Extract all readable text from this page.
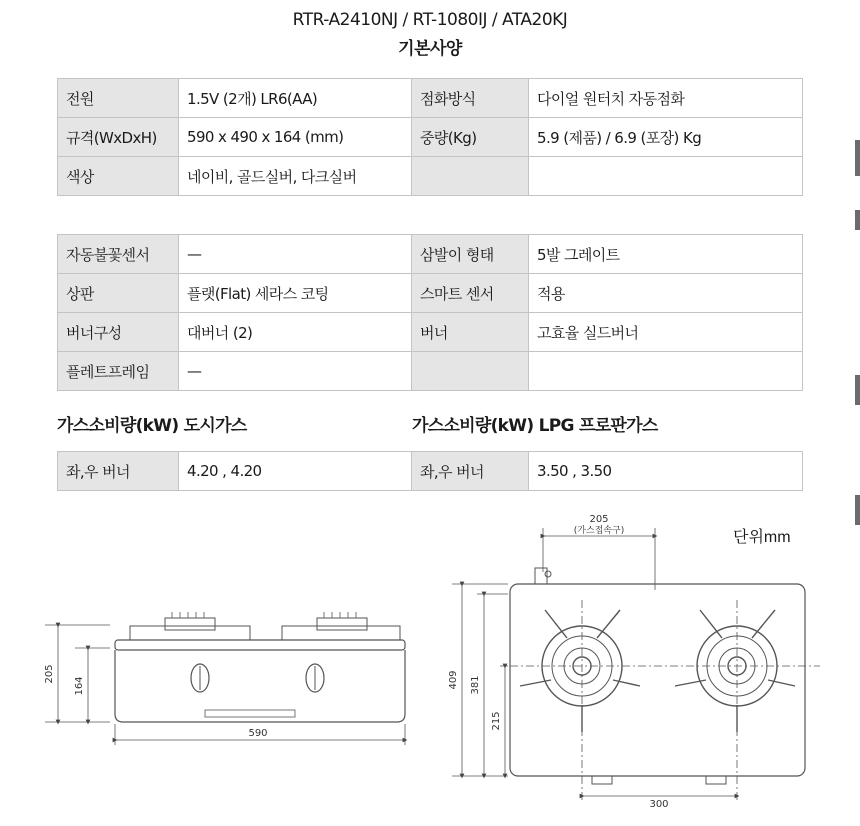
RTR-A2410NJ / RT-1080IJ / ATA20KJ
기본사양
전원	1.5V (2개) LR6(AA)	점화방식	다이얼 원터치 자동점화
규격(WxDxH)	590 x 490 x 164 (mm)	중량(Kg)	5.9 (제품) / 6.9 (포장) Kg
색상	네이비, 골드실버, 다크실버		
자동불꽃센서	—	삼발이 형태	5발 그레이트
상판	플랫(Flat) 세라스 코팅	스마트 센서	적용
버너구성	대버너 (2)	버너	고효율 실드버너
플레트프레임	—		
가스소비량(kW) 도시가스	가스소비량(kW) LPG 프로판가스
좌,우 버너	4.20 , 4.20	좌,우 버너	3.50 , 3.50
590
205
164
205
(가스접속구)	단위mm
409 381
215
300
